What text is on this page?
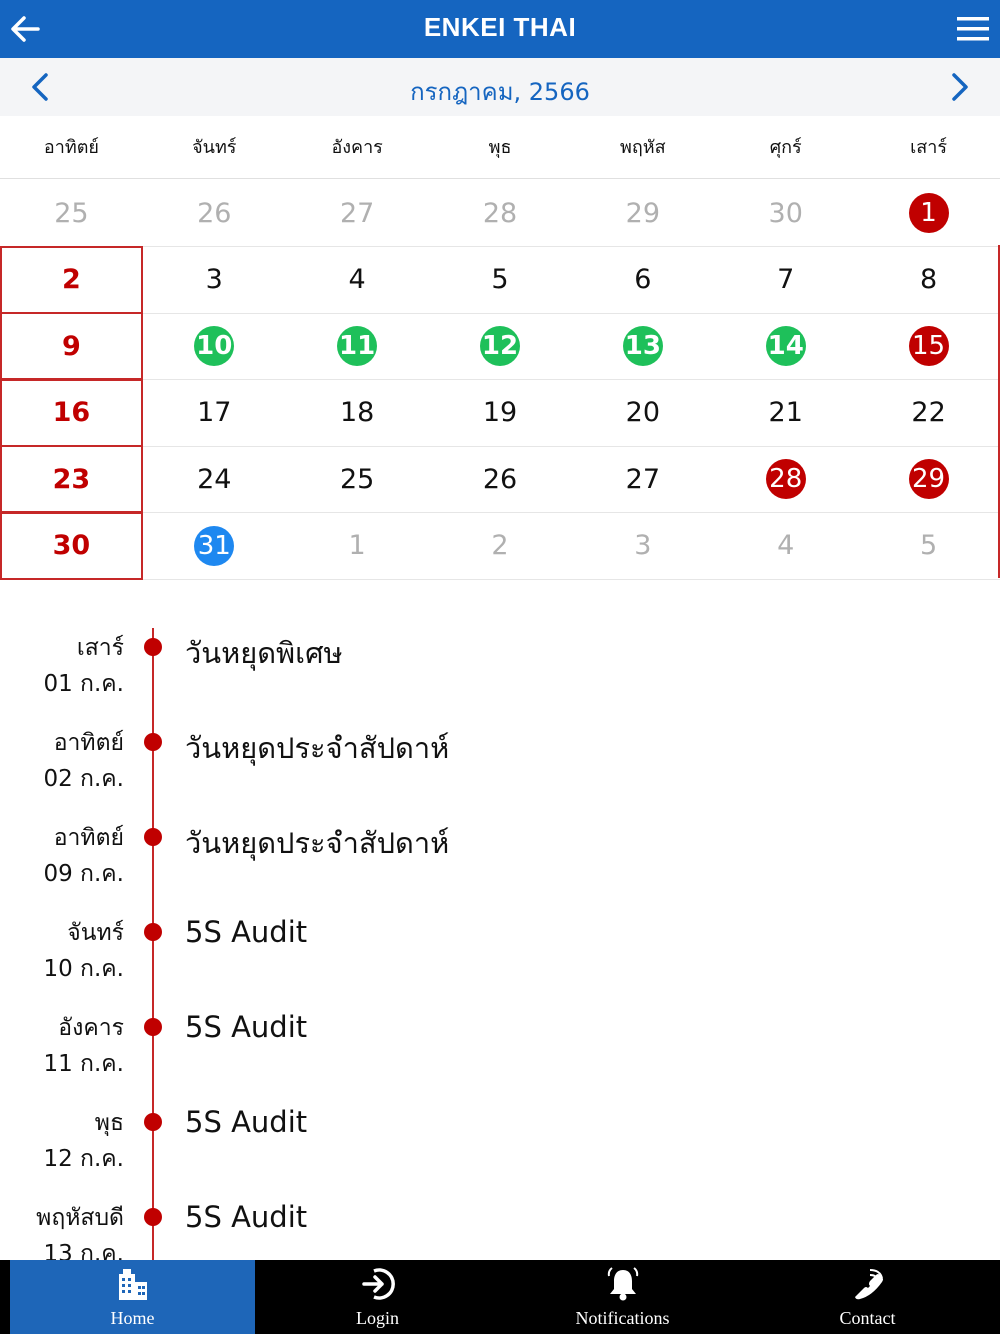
ENKEI THAI
กรกฎาคม, 2566
อาทิตย์	จันทร์	อังคาร	พุธ	พฤหัส	ศุกร์	เสาร์
25	26	27	28	29	30	1
2	3	4	5	6	7	8
9	10	11	12	13	14	15
16	17	18	19	20	21	22
23	24	25	26	27	28	29
30	31	1	2	3	4	5
เสาร์
01 ก.ค.
วันหยุดพิเศษ
อาทิตย์
02 ก.ค.
วันหยุดประจำสัปดาห์
อาทิตย์
09 ก.ค.
วันหยุดประจำสัปดาห์
จันทร์
10 ก.ค.
5S Audit
อังคาร
11 ก.ค.
5S Audit
พุธ
12 ก.ค.
5S Audit
พฤหัสบดี
13 ก.ค.
5S Audit
Home	Login	Notifications	Contact
